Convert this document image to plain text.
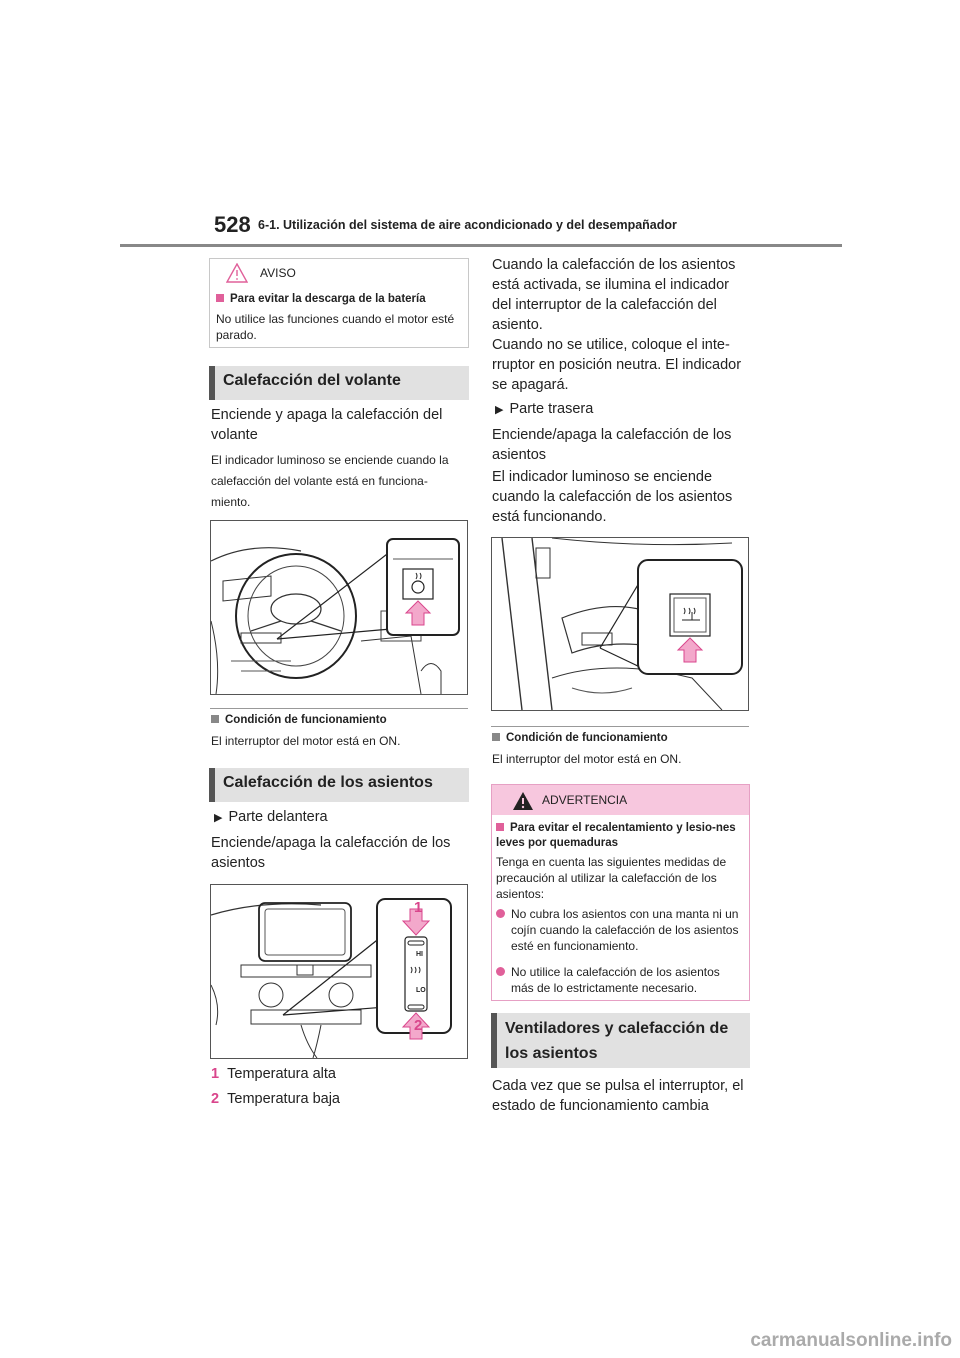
528 6-1. Utilización del sistema de aire acondicionado y del desempañador
AVISO
Para evitar la descarga de la batería
No utilice las funciones cuando el motor esté parado.
Calefacción del volante
Enciende y apaga la calefacción del volante
El indicador luminoso se enciende cuando la calefacción del volante está en funciona-miento.
Condición de funcionamiento
El interruptor del motor está en ON.
Calefacción de los asientos
▶ Parte delantera
Enciende/apaga la calefacción de los asientos
1
2
HI
LO
1 Temperatura alta
2 Temperatura baja
Cuando la calefacción de los asientos está activada, se ilumina el indicador del interruptor de la calefacción del asiento.
Cuando no se utilice, coloque el inte-rruptor en posición neutra. El indicador se apagará.
▶ Parte trasera
Enciende/apaga la calefacción de los asientos
El indicador luminoso se enciende cuando la calefacción de los asientos está funcionando.
Condición de funcionamiento
El interruptor del motor está en ON.
ADVERTENCIA
Para evitar el recalentamiento y lesio-nes leves por quemaduras
Tenga en cuenta las siguientes medidas de precaución al utilizar la calefacción de los asientos:
No cubra los asientos con una manta ni un cojín cuando la calefacción de los asientos esté en funcionamiento.
No utilice la calefacción de los asientos más de lo estrictamente necesario.
Ventiladores y calefacción de los asientos
Cada vez que se pulsa el interruptor, el estado de funcionamiento cambia
carmanualsonline.info
